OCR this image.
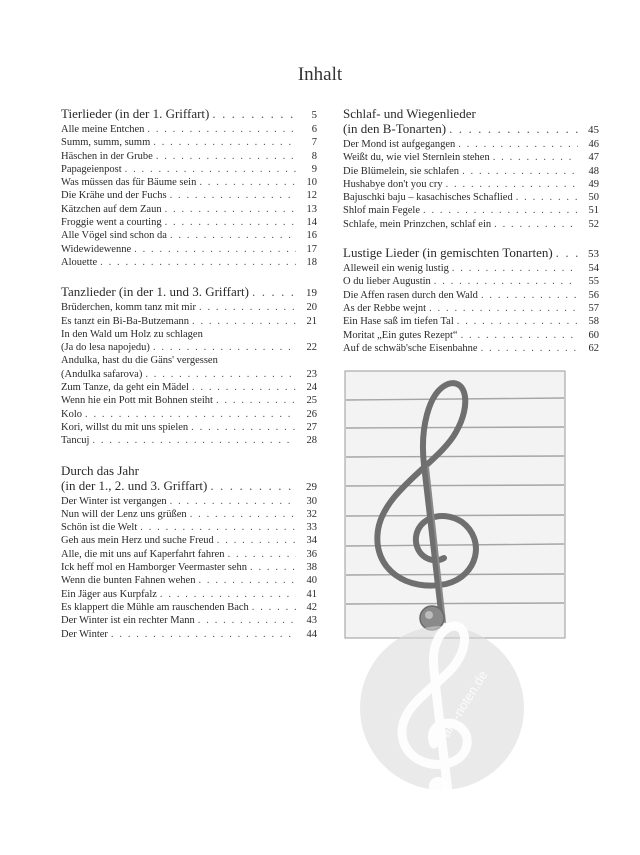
Inhalt
Tierlieder (in der 1. Griffart) . . .	5
Alle meine Entchen . . .	6
Summ, summ, summ . . .	7
Häschen in der Grube . . .	8
Papageienpost . . .	9
Was müssen das für Bäume sein . . .	10
Die Krähe und der Fuchs . . .	12
Kätzchen auf dem Zaun . . .	13
Froggie went a courting . . .	14
Alle Vögel sind schon da . . .	16
Widewidewenne . . .	17
Alouette . . .	18
Tanzlieder (in der 1. und 3. Griffart) . . .	19
Brüderchen, komm tanz mit mir . . .	20
Es tanzt ein Bi-Ba-Butzemann . . .	21
In den Wald um Holz zu schlagen
(Ja do lesa napojedu) . . .	22
Andulka, hast du die Gäns' vergessen
(Andulka safarova) . . .	23
Zum Tanze, da geht ein Mädel . . .	24
Wenn hie ein Pott mit Bohnen steiht . . .	25
Kolo . . .	26
Kori, willst du mit uns spielen . . .	27
Tancuj . . .	28
Durch das Jahr
(in der 1., 2. und 3. Griffart) . . .	29
Der Winter ist vergangen . . .	30
Nun will der Lenz uns grüßen . . .	32
Schön ist die Welt . . .	33
Geh aus mein Herz und suche Freud . . .	34
Alle, die mit uns auf Kaperfahrt fahren . . .	36
Ick heff mol en Hamborger Veermaster sehn . . .	38
Wenn die bunten Fahnen wehen . . .	40
Ein Jäger aus Kurpfalz . . .	41
Es klappert die Mühle am rauschenden Bach . . .	42
Der Winter ist ein rechter Mann . . .	43
Der Winter . . .	44
Schlaf- und Wiegenlieder
(in den B-Tonarten) . . .	45
Der Mond ist aufgegangen . . .	46
Weißt du, wie viel Sternlein stehen . . .	47
Die Blümelein, sie schlafen . . .	48
Hushabye don't you cry . . .	49
Bajuschki baju – kasachisches Schaflied . . .	50
Shlof main Fegele . . .	51
Schlafe, mein Prinzchen, schlaf ein . . .	52
Lustige Lieder (in gemischten Tonarten) . . .	53
Alleweil ein wenig lustig . . .	54
O du lieber Augustin . . .	55
Die Affen rasen durch den Wald . . .	56
As der Rebbe wejnt . . .	57
Ein Hase saß im tiefen Tal . . .	58
Moritat „Ein gutes Rezept“ . . .	60
Auf de schwäb'sche Eisenbahne . . .	62
alle-noten.de
